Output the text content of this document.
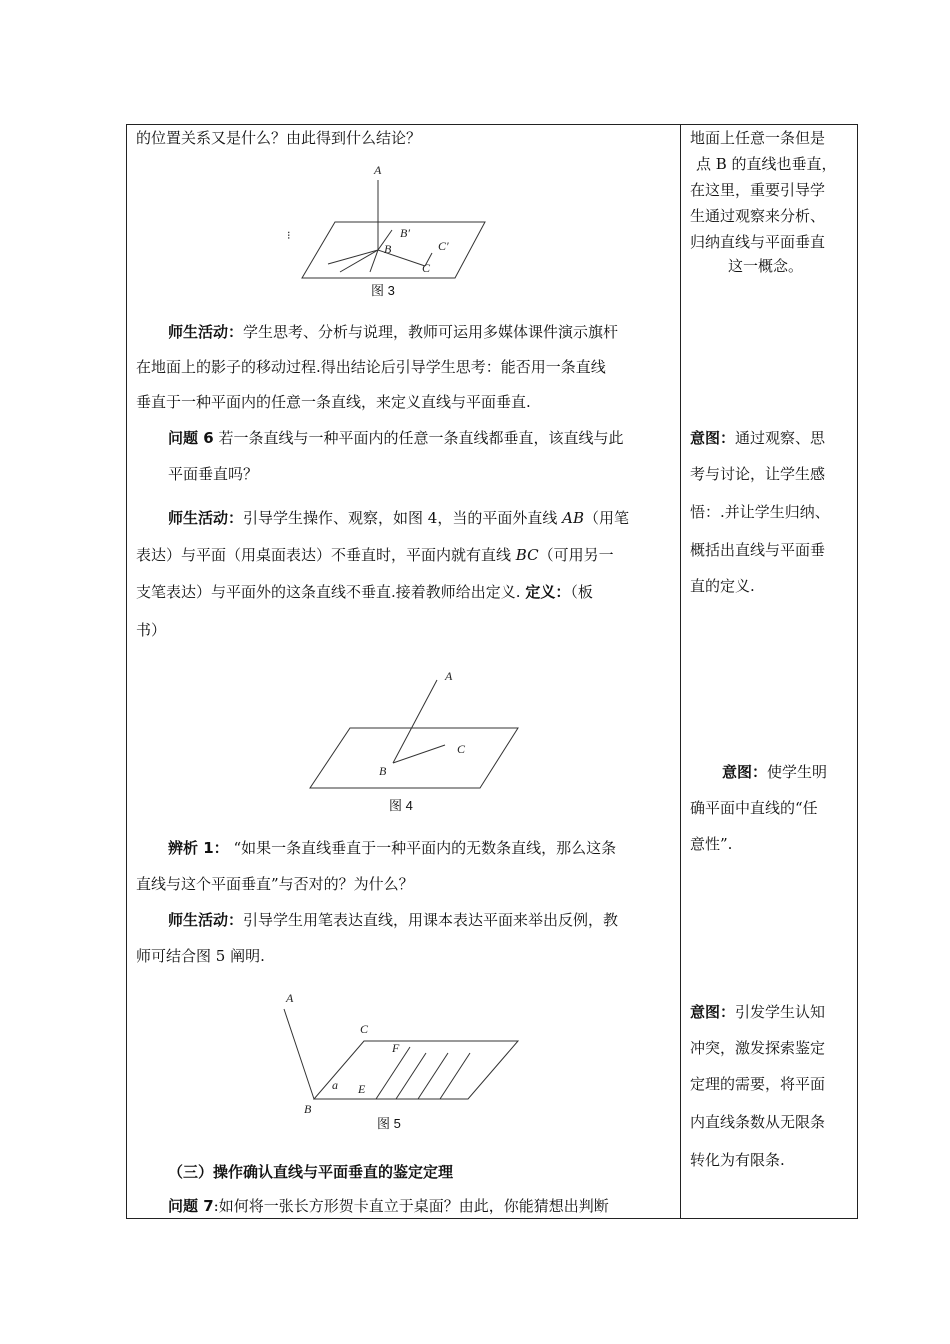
的位置关系又是什么？由此得到什么结论？
A
B′
B	C′
C
图 3
⁝
师生活动：学生思考、分析与说理，教师可运用多媒体课件演示旗杆
在地面上的影子的移动过程.得出结论后引导学生思考：能否用一条直线
垂直于一种平面内的任意一条直线，来定义直线与平面垂直.
问题 6 若一条直线与一种平面内的任意一条直线都垂直，该直线与此
平面垂直吗？
师生活动：引导学生操作、观察，如图 4，当的平面外直线 AB（用笔
表达）与平面（用桌面表达）不垂直时，平面内就有直线 BC（可用另一
支笔表达）与平面外的这条直线不垂直.接着教师给出定义. 定义：（板
书）
A
C
B
图 4
辨析 1： “如果一条直线垂直于一种平面内的无数条直线，那么这条
直线与这个平面垂直”与否对的？为什么？
师生活动：引导学生用笔表达直线，用课本表达平面来举出反例，教
师可结合图 5 阐明.
A
C
F
a E
B
图 5
（三）操作确认直线与平面垂直的鉴定定理
问题 7:如何将一张长方形贺卡直立于桌面？由此，你能猜想出判断
地面上任意一条但是
点 B 的直线也垂直，
在这里，重要引导学
生通过观察来分析、
归纳直线与平面垂直
这一概念。
意图：通过观察、思
考与讨论，让学生感
悟：.并让学生归纳、
概括出直线与平面垂
直的定义.
意图：使学生明
确平面中直线的“任
意性”.
意图：引发学生认知
冲突，激发探索鉴定
定理的需要，将平面
内直线条数从无限条
转化为有限条.
